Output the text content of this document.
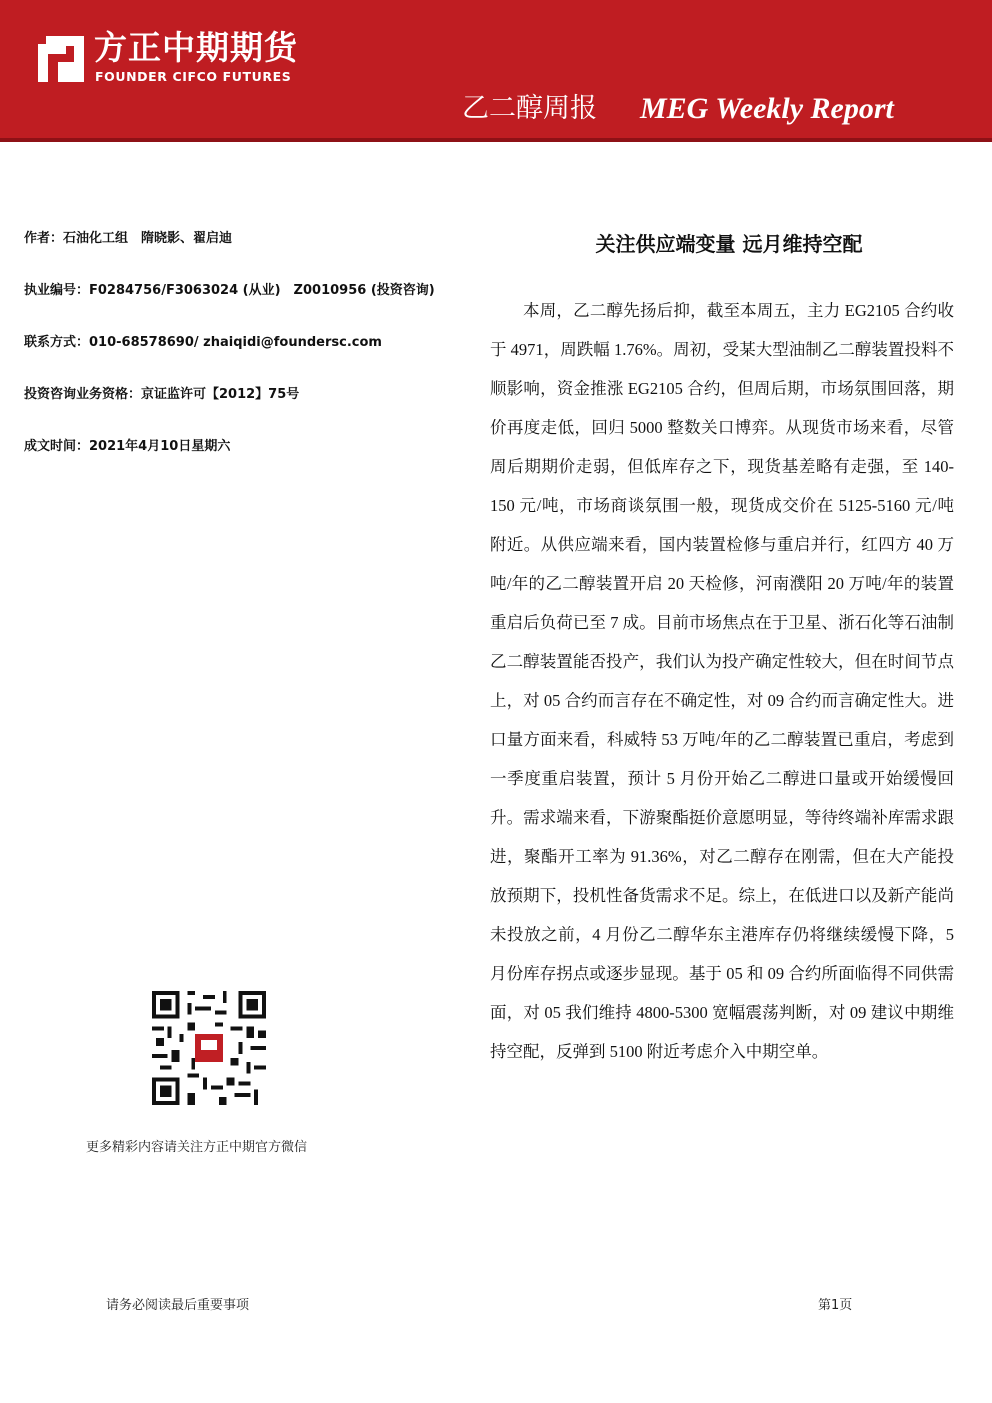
方正中期期货
FOUNDER CIFCO FUTURES
乙二醇周报 MEG Weekly Report
作者：石油化工组　隋晓影、翟启迪
执业编号：F0284756/F3063024 (从业)　Z0010956 (投资咨询)
联系方式：010-68578690/ zhaiqidi@foundersc.com
投资咨询业务资格：京证监许可【2012】75号
成文时间：2021年4月10日星期六
关注供应端变量 远月维持空配

本周，乙二醇先扬后抑，截至本周五，主力 EG2105 合约收于 4971，周跌幅 1.76%。周初，受某大型油制乙二醇装置投料不顺影响，资金推涨 EG2105 合约，但周后期，市场氛围回落，期价再度走低，回归 5000 整数关口博弈。从现货市场来看，尽管周后期期价走弱，但低库存之下，现货基差略有走强，至 140-150 元/吨，市场商谈氛围一般，现货成交价在 5125-5160 元/吨附近。从供应端来看，国内装置检修与重启并行，红四方 40 万吨/年的乙二醇装置开启 20 天检修，河南濮阳 20 万吨/年的装置重启后负荷已至 7 成。目前市场焦点在于卫星、浙石化等石油制乙二醇装置能否投产，我们认为投产确定性较大，但在时间节点上，对 05 合约而言存在不确定性，对 09 合约而言确定性大。进口量方面来看，科威特 53 万吨/年的乙二醇装置已重启，考虑到一季度重启装置，预计 5 月份开始乙二醇进口量或开始缓慢回升。需求端来看，下游聚酯挺价意愿明显，等待终端补库需求跟进，聚酯开工率为 91.36%，对乙二醇存在刚需，但在大产能投放预期下，投机性备货需求不足。综上，在低进口以及新产能尚未投放之前，4 月份乙二醇华东主港库存仍将继续缓慢下降，5 月份库存拐点或逐步显现。基于 05 和 09 合约所面临得不同供需面，对 05 我们维持 4800-5300 宽幅震荡判断，对 09 建议中期维持空配，反弹到 5100 附近考虑介入中期空单。

更多精彩内容请关注方正中期官方微信
请务必阅读最后重要事项	第1页
